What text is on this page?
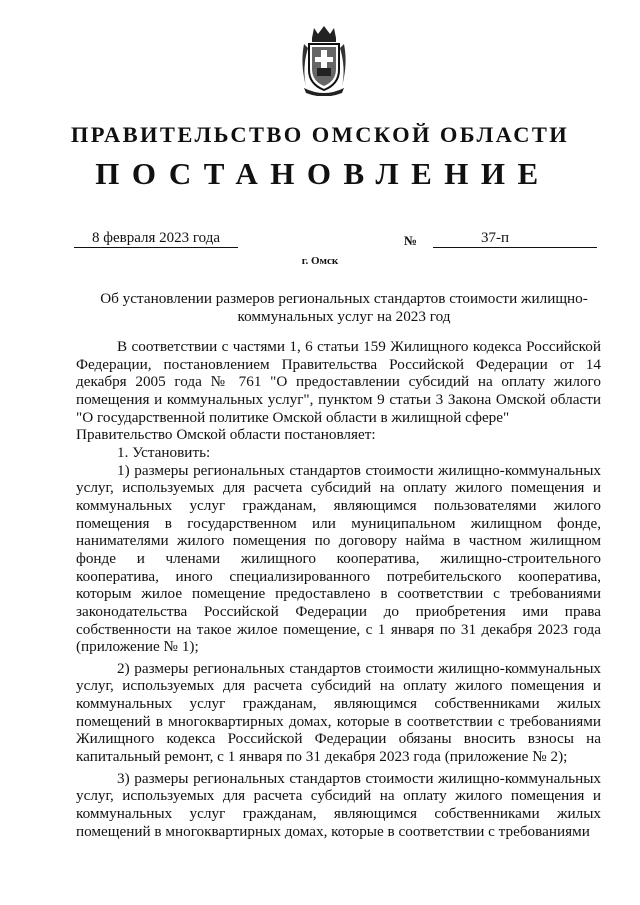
ПРАВИТЕЛЬСТВО ОМСКОЙ ОБЛАСТИ
ПОСТАНОВЛЕНИЕ
8 февраля 2023 года	№	37-п
г. Омск
Об установлении размеров региональных стандартов стоимости жилищно-коммунальных услуг на 2023 год

В соответствии с частями 1, 6 статьи 159 Жилищного кодекса Российской Федерации, постановлением Правительства Российской Федерации от 14 декабря 2005 года № 761 "О предоставлении субсидий на оплату жилого помещения и коммунальных услуг", пунктом 9 статьи 3 Закона Омской области "О государственной политике Омской области в жилищной сфере"

Правительство Омской области постановляет:

1. Установить:

1) размеры региональных стандартов стоимости жилищно-коммунальных услуг, используемых для расчета субсидий на оплату жилого помещения и коммунальных услуг гражданам, являющимся пользователями жилого помещения в государственном или муниципальном жилищном фонде, нанимателями жилого помещения по договору найма в частном жилищном фонде и членами жилищного кооператива, жилищно-строительного кооператива, иного специализированного потребительского кооператива, которым жилое помещение предоставлено в соответствии с требованиями законодательства Российской Федерации до приобретения ими права собственности на такое жилое помещение, с 1 января по 31 декабря 2023 года (приложение № 1);

2) размеры региональных стандартов стоимости жилищно-коммунальных услуг, используемых для расчета субсидий на оплату жилого помещения и коммунальных услуг гражданам, являющимся собственниками жилых помещений в многоквартирных домах, которые в соответствии с требованиями Жилищного кодекса Российской Федерации обязаны вносить взносы на капитальный ремонт, с 1 января по 31 декабря 2023 года (приложение № 2);

3) размеры региональных стандартов стоимости жилищно-коммунальных услуг, используемых для расчета субсидий на оплату жилого помещения и коммунальных услуг гражданам, являющимся собственниками жилых помещений в многоквартирных домах, которые в соответствии с требованиями
